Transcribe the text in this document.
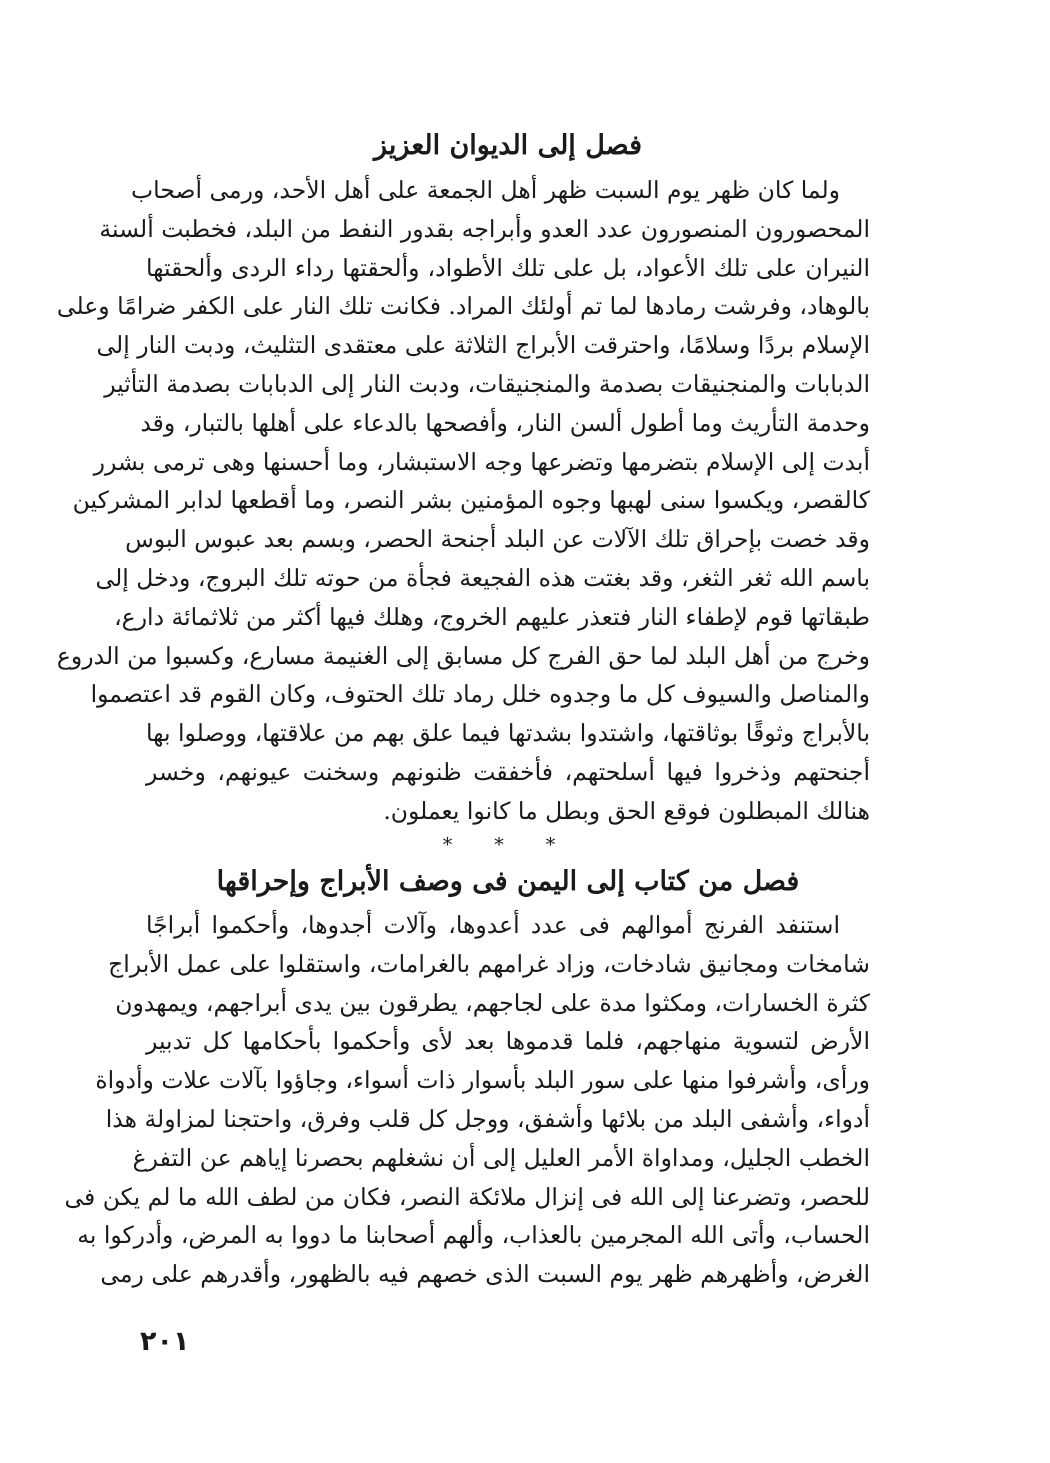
فصل إلى الديوان العزيز
ولما كان ظهر يوم السبت ظهر أهل الجمعة على أهل الأحد، ورمى أصحاب
المحصورون المنصورون عدد العدو وأبراجه بقدور النفط من البلد، فخطبت ألسنة
النيران على تلك الأعواد، بل على تلك الأطواد، وألحقتها رداء الردى وألحقتها
بالوهاد، وفرشت رمادها لما تم أولئك المراد. فكانت تلك النار على الكفر ضرامًا وعلى
الإسلام بردًا وسلامًا، واحترقت الأبراج الثلاثة على معتقدى التثليث، ودبت النار إلى
الدبابات والمنجنيقات بصدمة والمنجنيقات، ودبت النار إلى الدبابات بصدمة التأثير
وحدمة التأريث وما أطول ألسن النار، وأفصحها بالدعاء على أهلها بالتبار، وقد
أبدت إلى الإسلام بتضرمها وتضرعها وجه الاستبشار، وما أحسنها وهى ترمى بشرر
كالقصر، ويكسوا سنى لهبها وجوه المؤمنين بشر النصر، وما أقطعها لدابر المشركين
وقد خصت بإحراق تلك الآلات عن البلد أجنحة الحصر، وبسم بعد عبوس البوس
باسم الله ثغر الثغر، وقد بغتت هذه الفجيعة فجأة من حوته تلك البروج، ودخل إلى
طبقاتها قوم لإطفاء النار فتعذر عليهم الخروج، وهلك فيها أكثر من ثلاثمائة دارع،
وخرج من أهل البلد لما حق الفرج كل مسابق إلى الغنيمة مسارع، وكسبوا من الدروع
والمناصل والسيوف كل ما وجدوه خلل رماد تلك الحتوف، وكان القوم قد اعتصموا
بالأبراج وثوقًا بوثاقتها، واشتدوا بشدتها فيما علق بهم من علاقتها، ووصلوا بها
أجنحتهم وذخروا فيها أسلحتهم، فأخفقت ظنونهم وسخنت عيونهم، وخسر
هنالك المبطلون فوقع الحق وبطل ما كانوا يعملون.
* * *
فصل من كتاب إلى اليمن فى وصف الأبراج وإحراقها
استنفد الفرنج أموالهم فى عدد أعدوها، وآلات أجدوها، وأحكموا أبراجًا
شامخات ومجانيق شادخات، وزاد غرامهم بالغرامات، واستقلوا على عمل الأبراج
كثرة الخسارات، ومكثوا مدة على لجاجهم، يطرقون بين يدى أبراجهم، ويمهدون
الأرض لتسوية منهاجهم، فلما قدموها بعد لأى وأحكموا بأحكامها كل تدبير
ورأى، وأشرفوا منها على سور البلد بأسوار ذات أسواء، وجاؤوا بآلات علات وأدواة
أدواء، وأشفى البلد من بلائها وأشفق، ووجل كل قلب وفرق، واحتجنا لمزاولة هذا
الخطب الجليل، ومداواة الأمر العليل إلى أن نشغلهم بحصرنا إياهم عن التفرغ
للحصر، وتضرعنا إلى الله فى إنزال ملائكة النصر، فكان من لطف الله ما لم يكن فى
الحساب، وأتى الله المجرمين بالعذاب، وألهم أصحابنا ما دووا به المرض، وأدركوا به
الغرض، وأظهرهم ظهر يوم السبت الذى خصهم فيه بالظهور، وأقدرهم على رمى
٢٠١
